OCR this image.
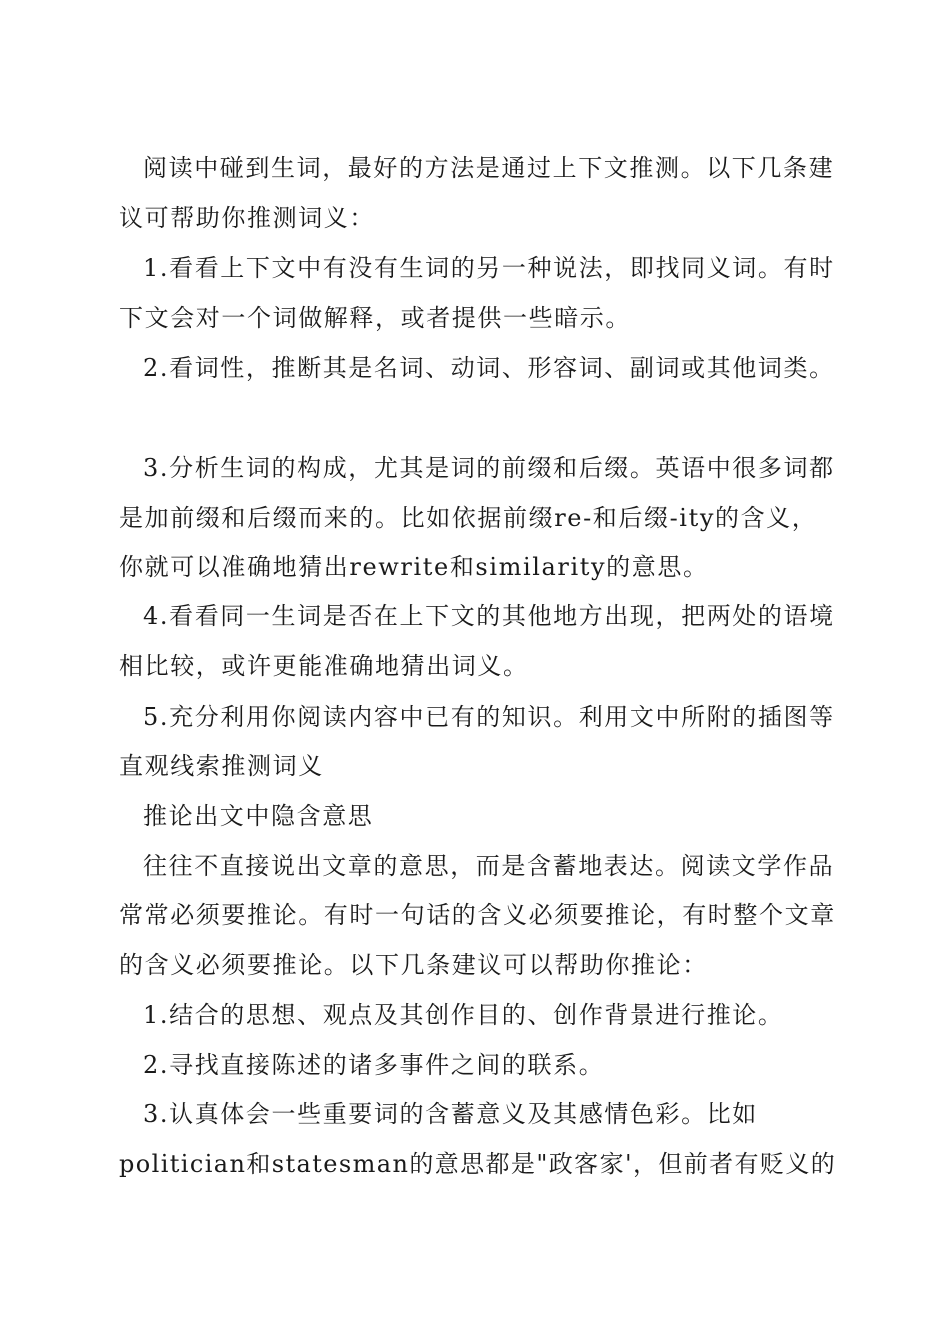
阅读中碰到生词，最好的方法是通过上下文推测。以下几条建
议可帮助你推测词义：
1.看看上下文中有没有生词的另一种说法，即找同义词。有时
下文会对一个词做解释，或者提供一些暗示。
2.看词性，推断其是名词、动词、形容词、副词或其他词类。
3.分析生词的构成，尤其是词的前缀和后缀。英语中很多词都
是加前缀和后缀而来的。比如依据前缀re-和后缀-ity的含义，
你就可以准确地猜出rewrite和similarity的意思。
4.看看同一生词是否在上下文的其他地方出现，把两处的语境
相比较，或许更能准确地猜出词义。
5.充分利用你阅读内容中已有的知识。利用文中所附的插图等
直观线索推测词义
推论出文中隐含意思
往往不直接说出文章的意思，而是含蓄地表达。阅读文学作品
常常必须要推论。有时一句话的含义必须要推论，有时整个文章
的含义必须要推论。以下几条建议可以帮助你推论：
1.结合的思想、观点及其创作目的、创作背景进行推论。
2.寻找直接陈述的诸多事件之间的联系。
3.认真体会一些重要词的含蓄意义及其感情色彩。比如
politician和statesman的意思都是"政客家'，但前者有贬义的
